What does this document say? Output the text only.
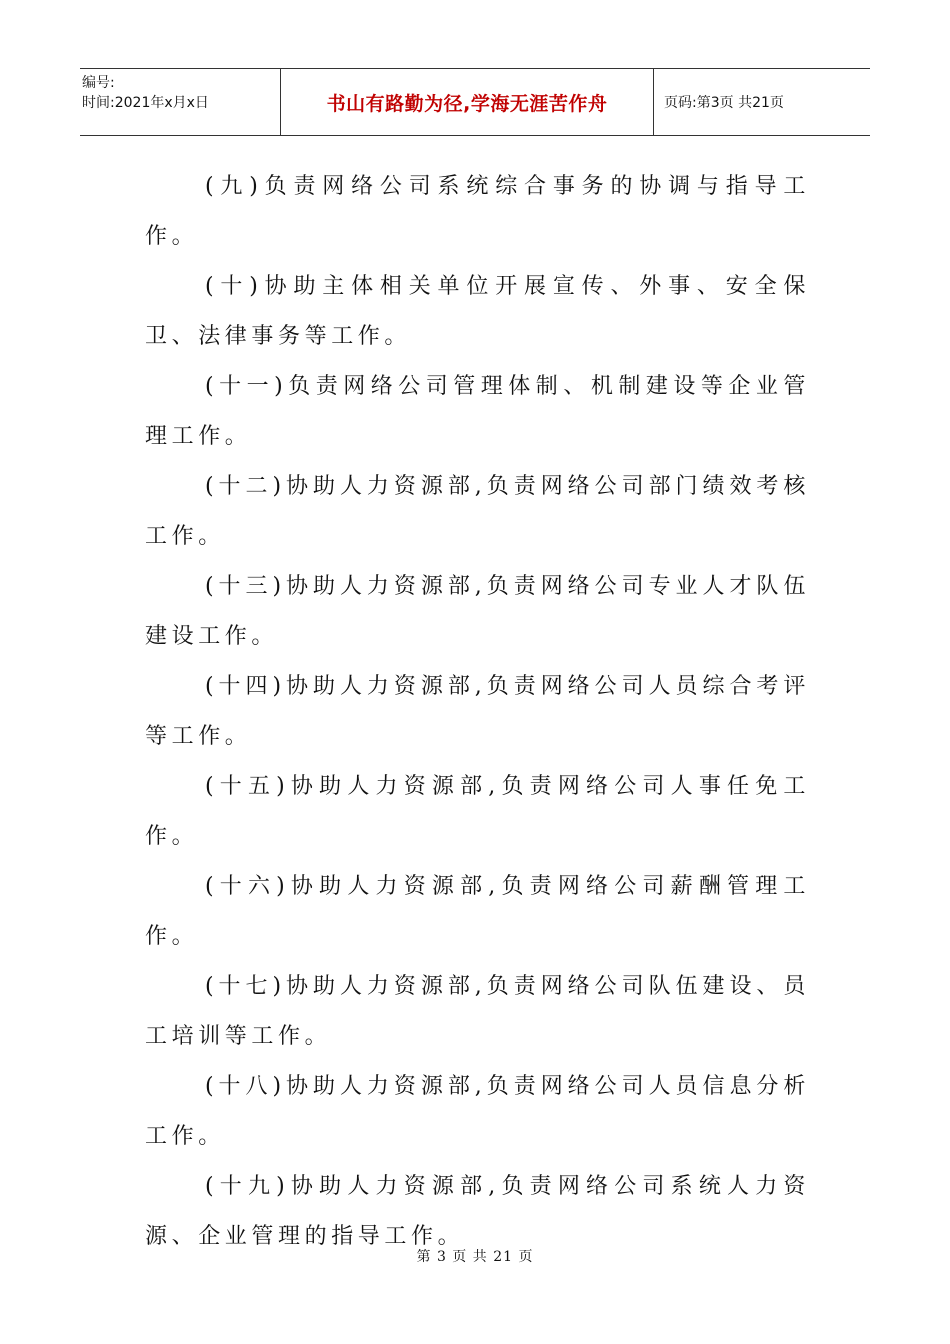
编号:
时间:2021年x月x日	书山有路勤为径,学海无涯苦作舟	页码:第3页 共21页

(九)负责网络公司系统综合事务的协调与指导工作。

(十)协助主体相关单位开展宣传、外事、安全保卫、法律事务等工作。

(十一)负责网络公司管理体制、机制建设等企业管理工作。

(十二)协助人力资源部,负责网络公司部门绩效考核工作。

(十三)协助人力资源部,负责网络公司专业人才队伍建设工作。

(十四)协助人力资源部,负责网络公司人员综合考评等工作。

(十五)协助人力资源部,负责网络公司人事任免工作。

(十六)协助人力资源部,负责网络公司薪酬管理工作。

(十七)协助人力资源部,负责网络公司队伍建设、员工培训等工作。

(十八)协助人力资源部,负责网络公司人员信息分析工作。

(十九)协助人力资源部,负责网络公司系统人力资源、企业管理的指导工作。

第 3 页 共 21 页
